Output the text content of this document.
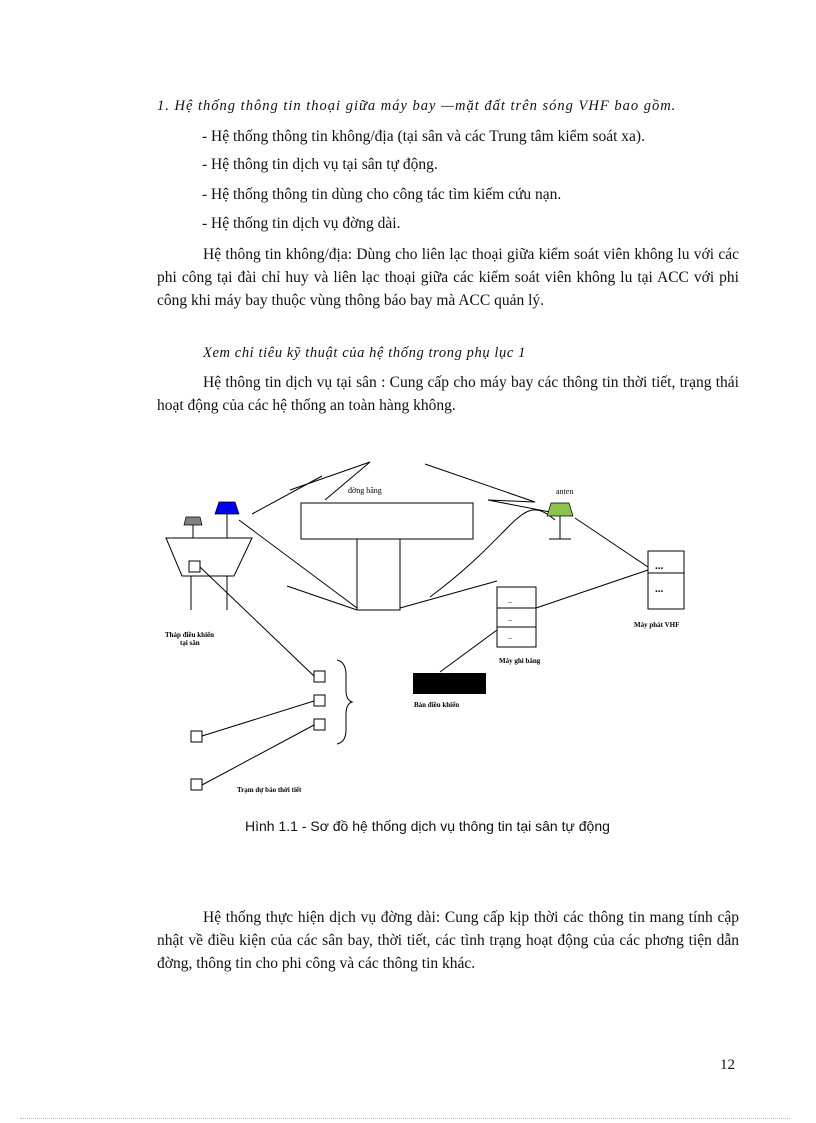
1. Hệ thống thông tin thoại giữa máy bay —mặt đất trên sóng VHF bao gồm.

- Hệ thống thông tin không/địa (tại sân và các Trung tâm kiểm soát xa).

- Hệ thông tin dịch vụ tại sân tự động.

- Hệ thống thông tin dùng cho công tác tìm kiếm cứu nạn.

- Hệ thống tin dịch vụ đờng dài.

Hệ thông tin không/địa: Dùng cho liên lạc thoại giữa kiểm soát viên không lu với các phi công tại đài chỉ huy và liên lạc thoại giữa các kiểm soát viên không lu tại ACC với phi công khi máy bay thuộc vùng thông báo bay mà ACC quản lý.

Xem chỉ tiêu kỹ thuật của hệ thống trong phụ lục 1

Hệ thông tin dịch vụ tại sân : Cung cấp cho máy bay các thông tin thời tiết, trạng thái hoạt động của các hệ thống an toàn hàng không.

đờng băng	anten
Tháp điều khiển tại sân
Máy phát VHF
Máy ghi băng
Bàn điều khiển
Trạm dự báo thời tiết
..
..
..
...
...
Hình 1.1 - Sơ đồ hệ thống dịch vụ thông tin tại sân tự động

Hệ thống thực hiện dịch vụ đờng dài: Cung cấp kịp thời các thông tin mang tính cập nhật về điều kiện của các sân bay, thời tiết, các tình trạng hoạt động của các phơng tiện dẫn đờng, thông tin cho phi công và các thông tin khác.

12
